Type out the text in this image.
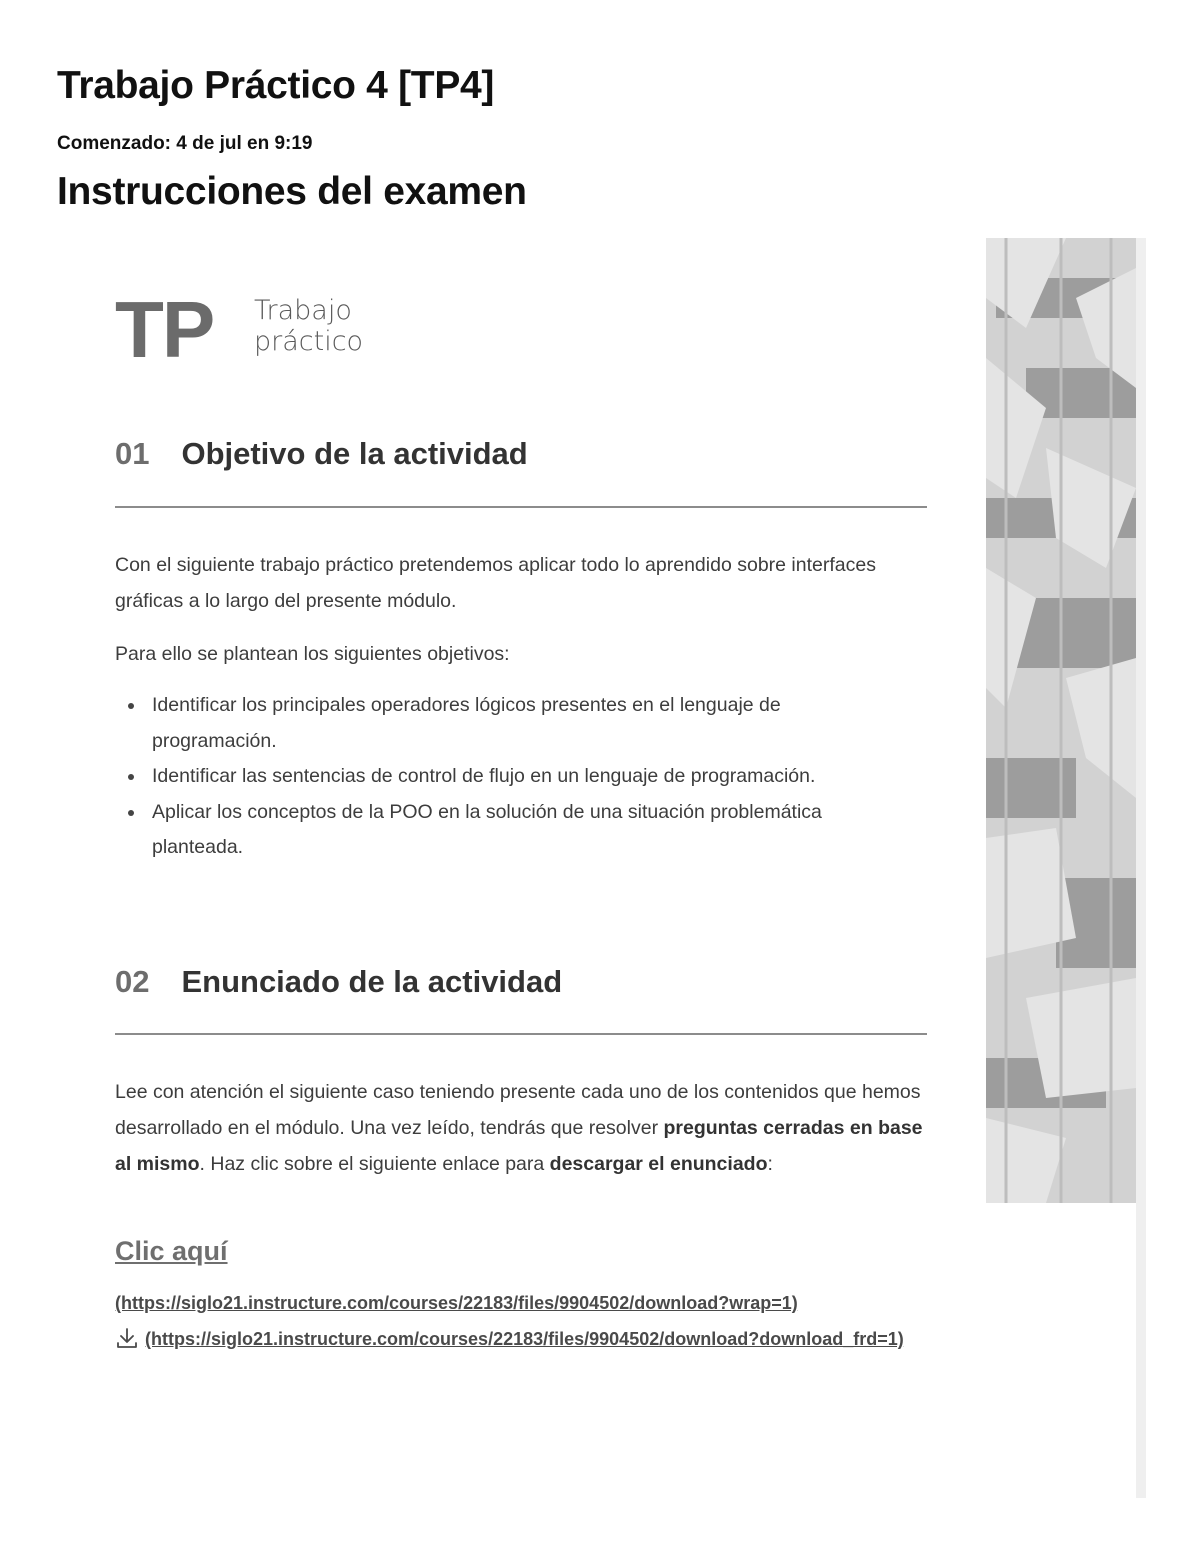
Trabajo Práctico 4 [TP4]
Comenzado: 4 de jul en 9:19
Instrucciones del examen
TP Trabajo
práctico
01 Objetivo de la actividad

Con el siguiente trabajo práctico pretendemos aplicar todo lo aprendido sobre interfaces gráficas a lo largo del presente módulo.

Para ello se plantean los siguientes objetivos:

Identificar los principales operadores lógicos presentes en el lenguaje de programación.
Identificar las sentencias de control de flujo en un lenguaje de programación.
Aplicar los conceptos de la POO en la solución de una situación problemática planteada.
02 Enunciado de la actividad

Lee con atención el siguiente caso teniendo presente cada uno de los contenidos que hemos desarrollado en el módulo. Una vez leído, tendrás que resolver preguntas cerradas en base al mismo. Haz clic sobre el siguiente enlace para descargar el enunciado:

Clic aquí
(https://siglo21.instructure.com/courses/22183/files/9904502/download?wrap=1)
(https://siglo21.instructure.com/courses/22183/files/9904502/download?download_frd=1)
